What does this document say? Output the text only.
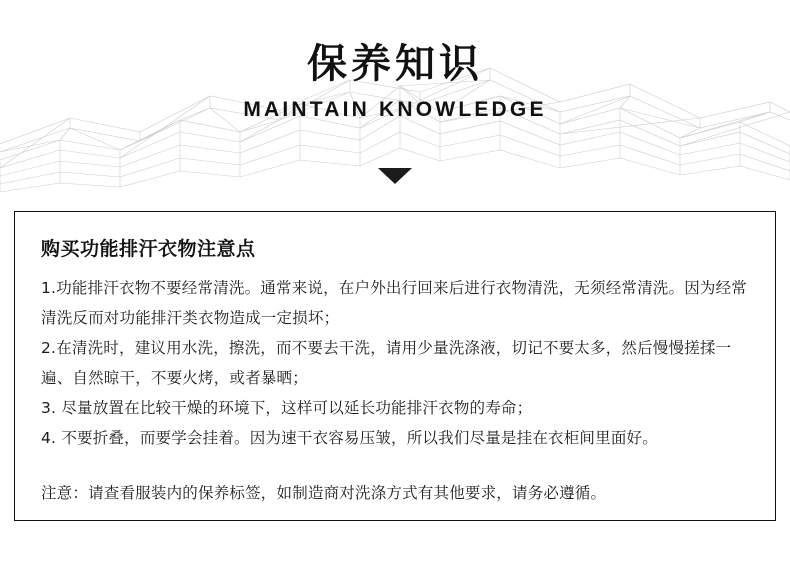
保养知识
MAINTAIN KNOWLEDGE
购买功能排汗衣物注意点

1.功能排汗衣物不要经常清洗。通常来说，在户外出行回来后进行衣物清洗，无须经常清洗。因为经常清洗反而对功能排汗类衣物造成一定损坏；

2.在清洗时，建议用水洗，擦洗，而不要去干洗，请用少量洗涤液，切记不要太多，然后慢慢搓揉一遍、自然晾干，不要火烤，或者暴晒；

3. 尽量放置在比较干燥的环境下，这样可以延长功能排汗衣物的寿命；

4. 不要折叠，而要学会挂着。因为速干衣容易压皱，所以我们尽量是挂在衣柜间里面好。

注意：请查看服装内的保养标签，如制造商对洗涤方式有其他要求，请务必遵循。
